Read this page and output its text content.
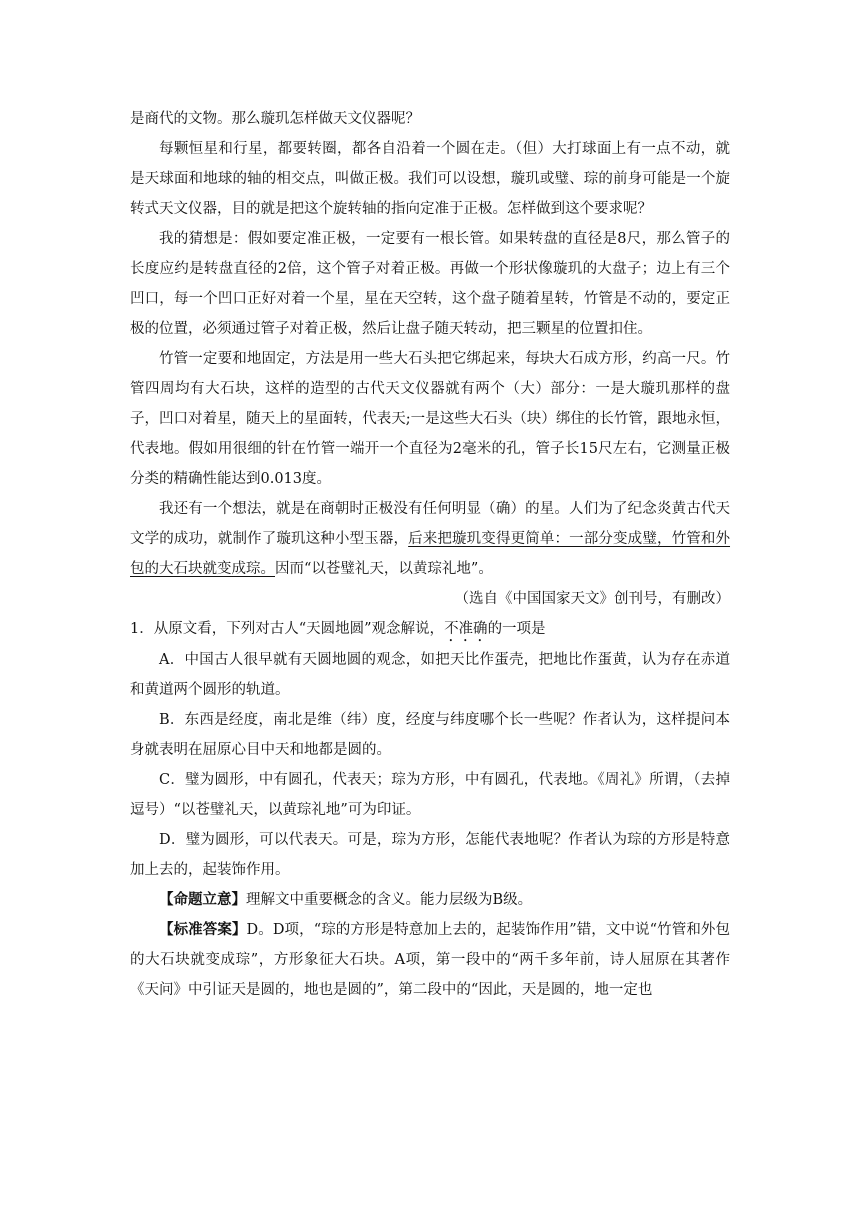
是商代的文物。那么璇玑怎样做天文仪器呢？

每颗恒星和行星，都要转圈，都各自沿着一个圆在走。（但）大打球面上有一点不动，就是天球面和地球的轴的相交点，叫做正极。我们可以设想，璇玑或璧、琮的前身可能是一个旋转式天文仪器，目的就是把这个旋转轴的指向定准于正极。怎样做到这个要求呢？

我的猜想是：假如要定准正极，一定要有一根长管。如果转盘的直径是8尺，那么管子的长度应约是转盘直径的2倍，这个管子对着正极。再做一个形状像璇玑的大盘子；边上有三个凹口，每一个凹口正好对着一个星，星在天空转，这个盘子随着星转，竹管是不动的，要定正极的位置，必须通过管子对着正极，然后让盘子随天转动，把三颗星的位置扣住。

竹管一定要和地固定，方法是用一些大石头把它绑起来，每块大石成方形，约高一尺。竹管四周均有大石块，这样的造型的古代天文仪器就有两个（大）部分：一是大璇玑那样的盘子，凹口对着星，随天上的星面转，代表天;一是这些大石头（块）绑住的长竹管，跟地永恒，代表地。假如用很细的针在竹管一端开一个直径为2毫米的孔，管子长15尺左右，它测量正极分类的精确性能达到0.013度。

我还有一个想法，就是在商朝时正极没有任何明显（确）的星。人们为了纪念炎黄古代天文学的成功，就制作了璇玑这种小型玉器，后来把璇玑变得更简单：一部分变成璧，竹管和外包的大石块就变成琮。因而“以苍璧礼天，以黄琮礼地”。

（选自《中国国家天文》创刊号，有删改）

1．从原文看，下列对古人“天圆地圆”观念解说，不准确的一项是

A．中国古人很早就有天圆地圆的观念，如把天比作蛋壳，把地比作蛋黄，认为存在赤道和黄道两个圆形的轨道。

B．东西是经度，南北是维（纬）度，经度与纬度哪个长一些呢？作者认为，这样提问本身就表明在屈原心目中天和地都是圆的。

C．璧为圆形，中有圆孔，代表天；琮为方形，中有圆孔，代表地。《周礼》所谓，（去掉逗号）“以苍璧礼天，以黄琮礼地”可为印证。

D．璧为圆形，可以代表天。可是，琮为方形，怎能代表地呢？作者认为琮的方形是特意加上去的，起装饰作用。

【命题立意】理解文中重要概念的含义。能力层级为B级。

【标准答案】D。D项，“琮的方形是特意加上去的，起装饰作用”错，文中说“竹管和外包的大石块就变成琮”，方形象征大石块。A项，第一段中的“两千多年前，诗人屈原在其著作《天问》中引证天是圆的，地也是圆的”，第二段中的“因此，天是圆的，地一定也
